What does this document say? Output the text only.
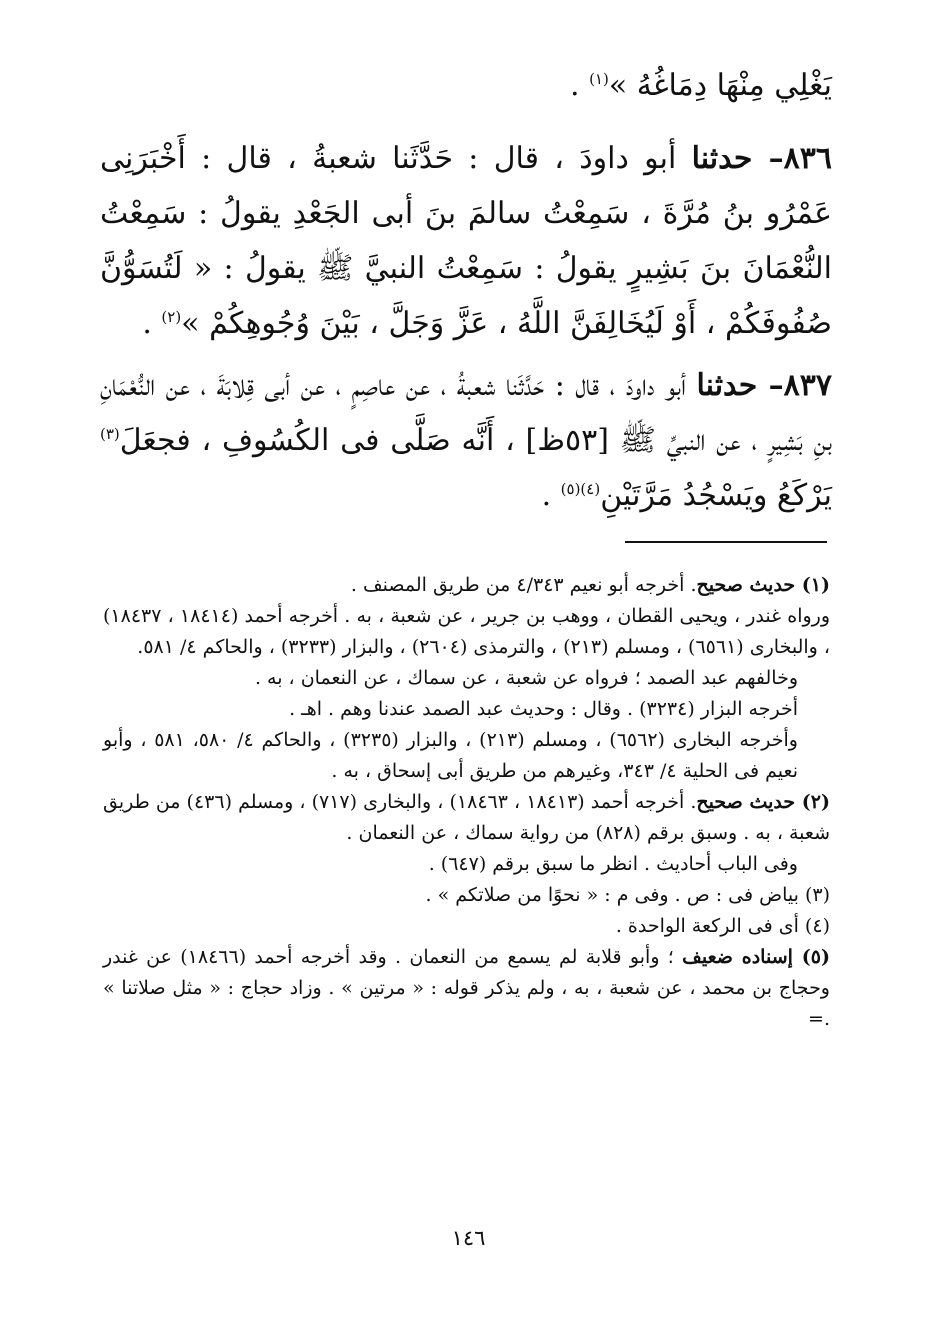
يَغْلِي مِنْهَا دِمَاغُهُ »$^{(١)}$ .

٨٣٦– حدثنا أبو داودَ ، قال : حَدَّثَنا شعبةُ ، قال : أَخْبَرَنِى عَمْرُو بنُ مُرَّةَ ، سَمِعْتُ سالمَ بنَ أبى الجَعْدِ يقولُ : سَمِعْتُ النُّعْمَانَ بنَ بَشِيرٍ يقولُ : سَمِعْتُ النبيَّ ﷺ يقولُ : « لَتُسَوُّنَّ صُفُوفَكُمْ ، أَوْ لَيُخَالِفَنَّ اللَّهُ ، عَزَّ وَجَلَّ ، بَيْنَ وُجُوهِكُمْ »$^{(٢)}$ .

٨٣٧– حدثنا أبو داودَ ، قال : حَدَّثَنا شعبةُ ، عن عاصِمٍ ، عن أبى قِلابَةَ ، عن النُّعْمَانِ بنِ بَشِيرٍ ، عن النبيِّ ﷺ [٥٣ظ] ، أَنَّه صَلَّى فى الكُسُوفِ ، فجعَلَ$^{(٣)}$ يَرْكَعُ ويَسْجُدُ مَرَّتَيْنِ$^{(٤)(٥)}$ .

(١) حديث صحيح. أخرجه أبو نعيم ٤/٣٤٣ من طريق المصنف .

ورواه غندر ، ويحيى القطان ، ووهب بن جرير ، عن شعبة ، به . أخرجه أحمد (١٨٤١٤ ، ١٨٤٣٧) ، والبخارى (٦٥٦١) ، ومسلم (٢١٣) ، والترمذى (٢٦٠٤) ، والبزار (٣٢٣٣) ، والحاكم ٤/ ٥٨١.

وخالفهم عبد الصمد ؛ فرواه عن شعبة ، عن سماك ، عن النعمان ، به .

أخرجه البزار (٣٢٣٤) . وقال : وحديث عبد الصمد عندنا وهم . اهـ .

وأخرجه البخارى (٦٥٦٢) ، ومسلم (٢١٣) ، والبزار (٣٢٣٥) ، والحاكم ٤/ ٥٨٠، ٥٨١ ، وأبو نعيم فى الحلية ٤/ ٣٤٣، وغيرهم من طريق أبى إسحاق ، به .

(٢) حديث صحيح. أخرجه أحمد (١٨٤١٣ ، ١٨٤٦٣) ، والبخارى (٧١٧) ، ومسلم (٤٣٦) من طريق شعبة ، به . وسبق برقم (٨٢٨) من رواية سماك ، عن النعمان .

وفى الباب أحاديث . انظر ما سبق برقم (٦٤٧) .

(٣) بياض فى : ص . وفى م : « نحوًا من صلاتكم » .

(٤) أى فى الركعة الواحدة .

(٥) إسناده ضعيف ؛ وأبو قلابة لم يسمع من النعمان . وقد أخرجه أحمد (١٨٤٦٦) عن غندر وحجاج بن محمد ، عن شعبة ، به ، ولم يذكر قوله : « مرتين » . وزاد حجاج : « مثل صلاتنا » .=

١٤٦
